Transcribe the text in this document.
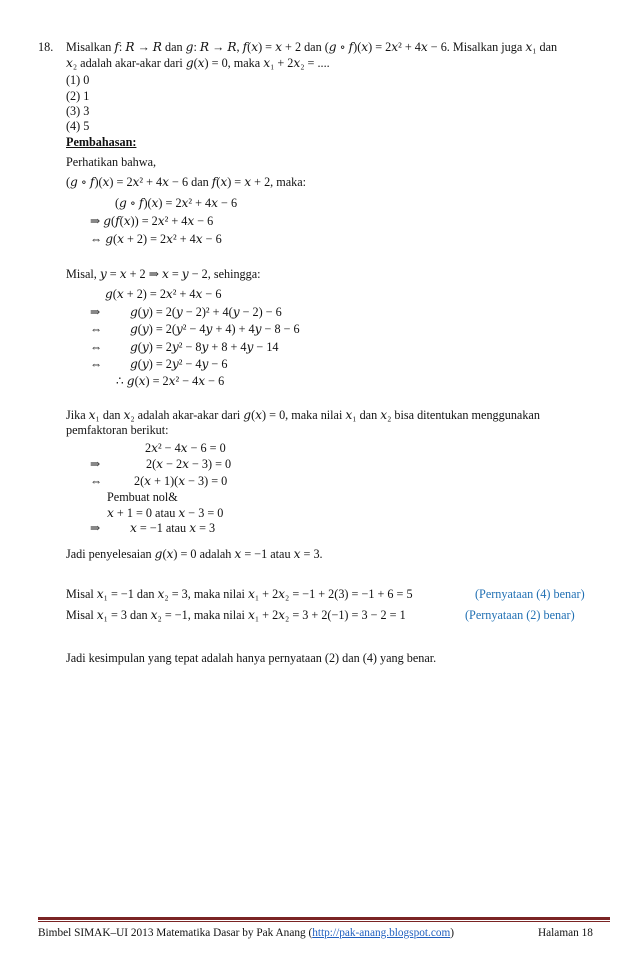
18. Misalkan 𝑓: 𝑅 → 𝑅 dan 𝑔: 𝑅 → 𝑅, 𝑓(𝑥) = 𝑥 + 2 dan (𝑔 ∘ 𝑓)(𝑥) = 2𝑥² + 4𝑥 − 6. Misalkan juga 𝑥₁ dan
𝑥₂ adalah akar-akar dari 𝑔(𝑥) = 0, maka 𝑥₁ + 2𝑥₂ = ....
(1) 0
(2) 1
(3) 3
(4) 5
Pembahasan:
Perhatikan bahwa,
(𝑔 ∘ 𝑓)(𝑥) = 2𝑥² + 4𝑥 − 6 dan 𝑓(𝑥) = 𝑥 + 2, maka:
(𝑔 ∘ 𝑓)(𝑥) = 2𝑥² + 4𝑥 − 6
⇒ 𝑔(𝑓(𝑥)) = 2𝑥² + 4𝑥 − 6
⇔ 𝑔(𝑥 + 2) = 2𝑥² + 4𝑥 − 6
Misal, 𝑦 = 𝑥 + 2 ⇒ 𝑥 = 𝑦 − 2, sehingga:
𝑔(𝑥 + 2) = 2𝑥² + 4𝑥 − 6
⇒ 𝑔(𝑦) = 2(𝑦 − 2)² + 4(𝑦 − 2) − 6
⇔ 𝑔(𝑦) = 2(𝑦² − 4𝑦 + 4) + 4𝑦 − 8 − 6
⇔ 𝑔(𝑦) = 2𝑦² − 8𝑦 + 8 + 4𝑦 − 14
⇔ 𝑔(𝑦) = 2𝑦² − 4𝑦 − 6
∴ 𝑔(𝑥) = 2𝑥² − 4𝑥 − 6
Jika 𝑥₁ dan 𝑥₂ adalah akar-akar dari 𝑔(𝑥) = 0, maka nilai 𝑥₁ dan 𝑥₂ bisa ditentukan menggunakan
pemfaktoran berikut:
2𝑥² − 4𝑥 − 6 = 0
⇒	2(𝑥 − 2𝑥 − 3) = 0
⇔	2(𝑥 + 1)(𝑥 − 3) = 0
Pembuat nol&
𝑥 + 1 = 0 atau 𝑥 − 3 = 0
⇒ 𝑥 = −1 atau 𝑥 = 3
Jadi penyelesaian 𝑔(𝑥) = 0 adalah 𝑥 = −1 atau 𝑥 = 3.
Misal 𝑥₁ = −1 dan 𝑥₂ = 3, maka nilai 𝑥₁ + 2𝑥₂ = −1 + 2(3) = −1 + 6 = 5	(Pernyataan (4) benar)
Misal 𝑥₁ = 3 dan 𝑥₂ = −1, maka nilai 𝑥₁ + 2𝑥₂ = 3 + 2(−1) = 3 − 2 = 1	(Pernyataan (2) benar)
Jadi kesimpulan yang tepat adalah hanya pernyataan (2) dan (4) yang benar.
Bimbel SIMAK–UI 2013 Matematika Dasar by Pak Anang (http://pak-anang.blogspot.com)	Halaman 18
